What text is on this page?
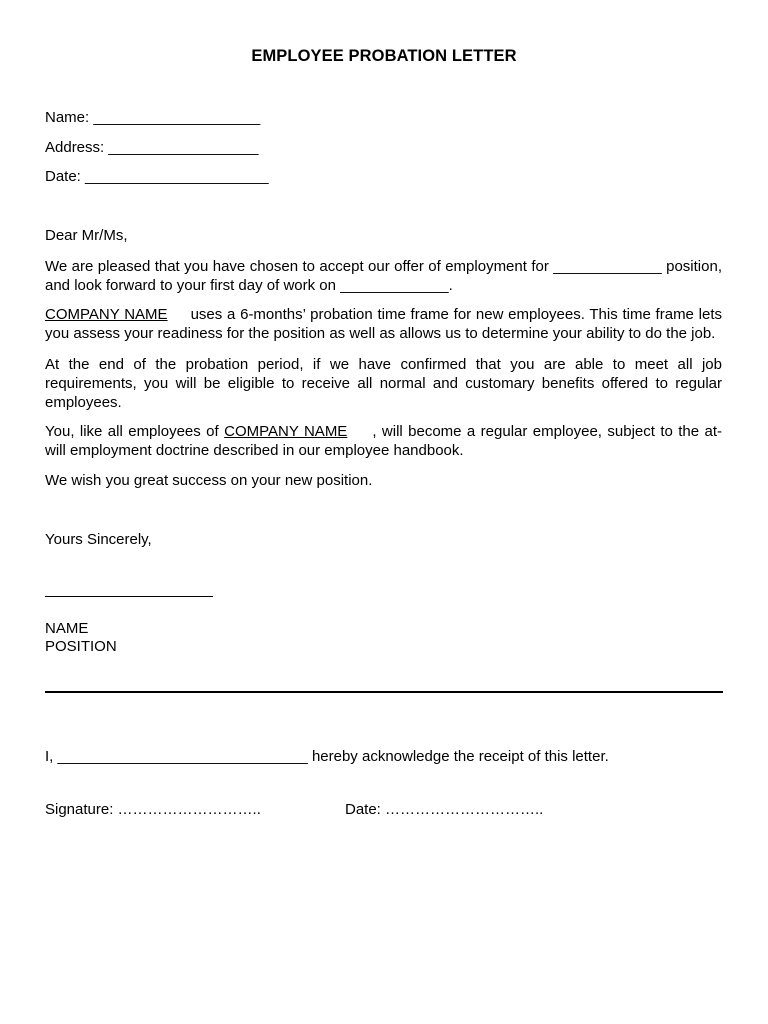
EMPLOYEE PROBATION LETTER
Name: ____________________
Address: __________________
Date: ______________________
Dear Mr/Ms,

We are pleased that you have chosen to accept our offer of employment for _____________ position, and look forward to your first day of work on _____________.

COMPANY NAME uses a 6-months’ probation time frame for new employees. This time frame lets you assess your readiness for the position as well as allows us to determine your ability to do the job.

At the end of the probation period, if we have confirmed that you are able to meet all job requirements, you will be eligible to receive all normal and customary benefits offered to regular employees.

You, like all employees of COMPANY NAME , will become a regular employee, subject to the at-will employment doctrine described in our employee handbook.

We wish you great success on your new position.
Yours Sincerely,
NAME
POSITION
I, ______________________________ hereby acknowledge the receipt of this letter.
Signature: ………………………..	Date: …………………………..
